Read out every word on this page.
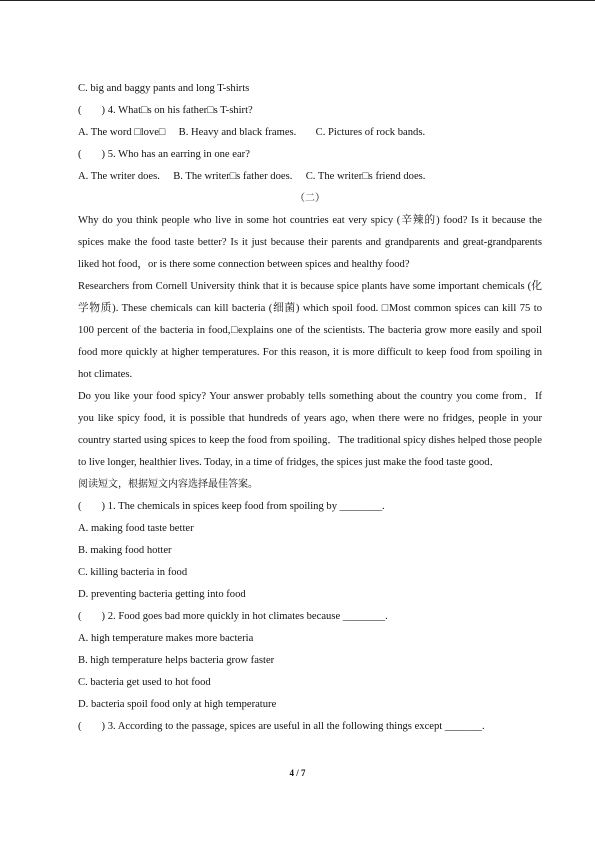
C. big and baggy pants and long T-shirts
( ) 4. What□s on his father□s T-shirt?
A. The word □love□ B. Heavy and black frames. C. Pictures of rock bands.
( ) 5. Who has an earring in one ear?
A. The writer does. B. The writer□s father does. C. The writer□s friend does.
（二）
Why do you think people who live in some hot countries eat very spicy (辛辣的) food? Is it because the spices make the food taste better? Is it just because their parents and grandparents and great-grandparents liked hot food，or is there some connection between spices and healthy food?
Researchers from Cornell University think that it is because spice plants have some important chemicals (化学物质). These chemicals can kill bacteria (细菌) which spoil food. □Most common spices can kill 75 to 100 percent of the bacteria in food,□explains one of the scientists. The bacteria grow more easily and spoil food more quickly at higher temperatures. For this reason, it is more difficult to keep food from spoiling in hot climates.
Do you like your food spicy? Your answer probably tells something about the country you come from．If you like spicy food, it is possible that hundreds of years ago, when there were no fridges, people in your country started using spices to keep the food from spoiling．The traditional spicy dishes helped those people to live longer, healthier lives. Today, in a time of fridges, the spices just make the food taste good．
阅读短文，根据短文内容选择最佳答案。
( ) 1. The chemicals in spices keep food from spoiling by ________.
A. making food taste better
B. making food hotter
C. killing bacteria in food
D. preventing bacteria getting into food
( ) 2. Food goes bad more quickly in hot climates because ________.
A. high temperature makes more bacteria
B. high temperature helps bacteria grow faster
C. bacteria get used to hot food
D. bacteria spoil food only at high temperature
( ) 3. According to the passage, spices are useful in all the following things except _______.
4 / 7
